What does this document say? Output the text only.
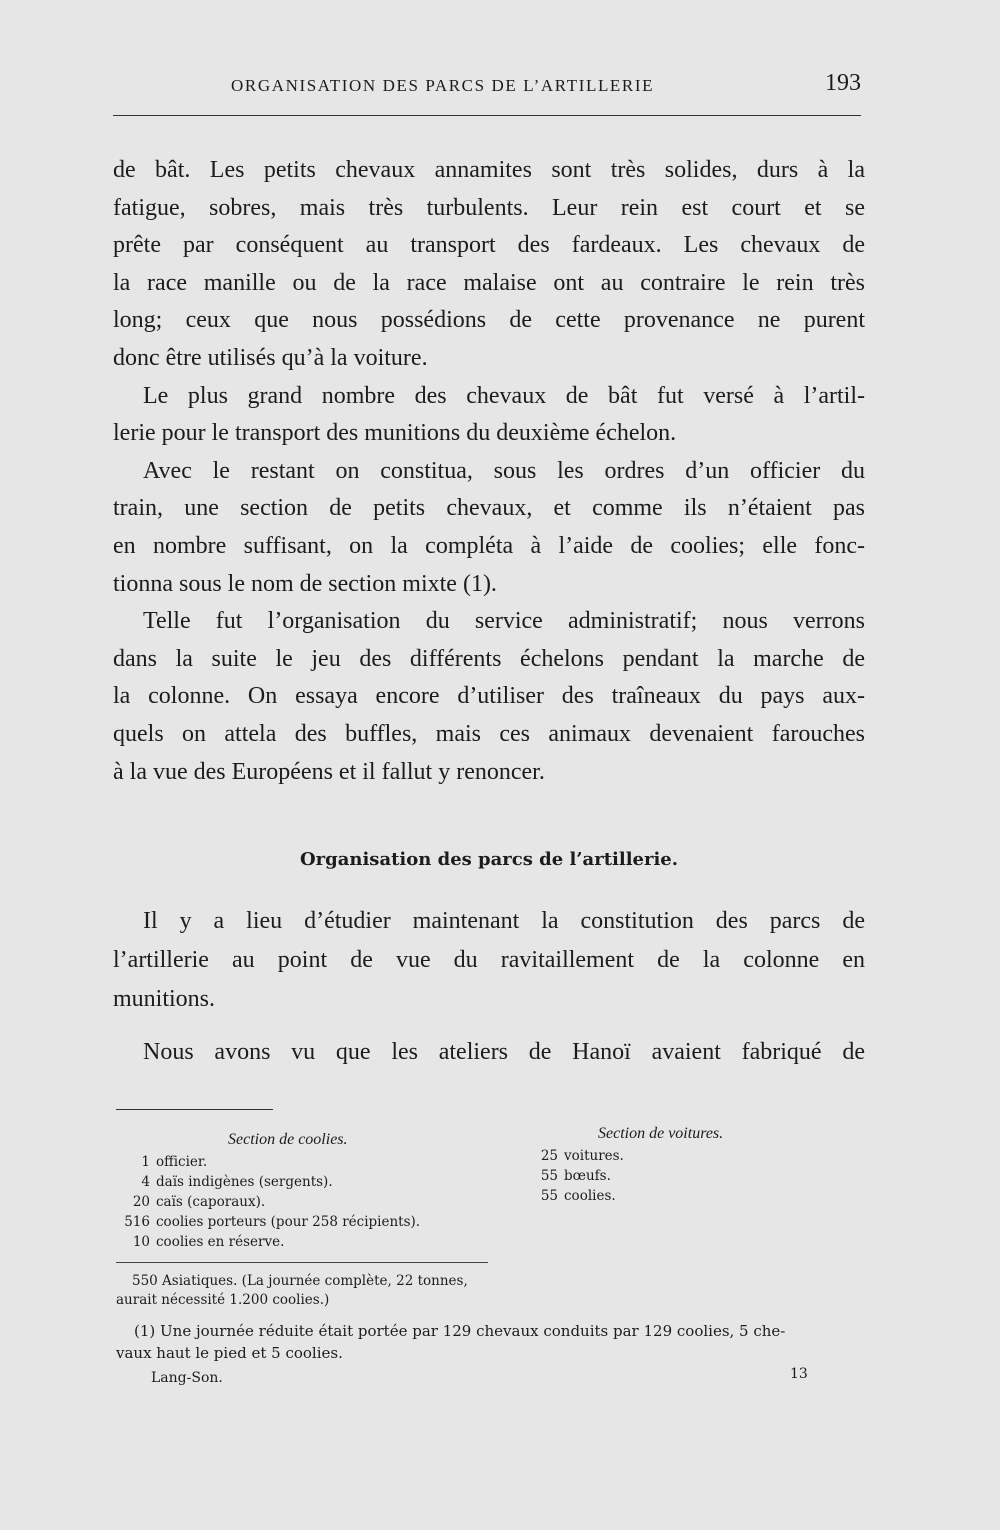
ORGANISATION DES PARCS DE L’ARTILLERIE	193
de bât. Les petits chevaux annamites sont très solides, durs à la
fatigue, sobres, mais très turbulents. Leur rein est court et se
prête par conséquent au transport des fardeaux. Les chevaux de
la race manille ou de la race malaise ont au contraire le rein très
long; ceux que nous possédions de cette provenance ne purent
donc être utilisés qu’à la voiture.
Le plus grand nombre des chevaux de bât fut versé à l’artil-
lerie pour le transport des munitions du deuxième échelon.
Avec le restant on constitua, sous les ordres d’un officier du
train, une section de petits chevaux, et comme ils n’étaient pas
en nombre suffisant, on la compléta à l’aide de coolies; elle fonc-
tionna sous le nom de section mixte (1).
Telle fut l’organisation du service administratif; nous verrons
dans la suite le jeu des différents échelons pendant la marche de
la colonne. On essaya encore d’utiliser des traîneaux du pays aux-
quels on attela des buffles, mais ces animaux devenaient farouches
à la vue des Européens et il fallut y renoncer.
Organisation des parcs de l’artillerie.
Il y a lieu d’étudier maintenant la constitution des parcs de
l’artillerie au point de vue du ravitaillement de la colonne en
munitions.
Nous avons vu que les ateliers de Hanoï avaient fabriqué de
Section de coolies.
1 officier.
4 daïs indigènes (sergents).
20 caïs (caporaux).
516 coolies porteurs (pour 258 récipients).
10 coolies en réserve.
Section de voitures.
25 voitures.
55 bœufs.
55 coolies.
550 Asiatiques. (La journée complète, 22 tonnes,
aurait nécessité 1.200 coolies.)
(1) Une journée réduite était portée par 129 chevaux conduits par 129 coolies, 5 che-
vaux haut le pied et 5 coolies.
Lang-Son.	13
